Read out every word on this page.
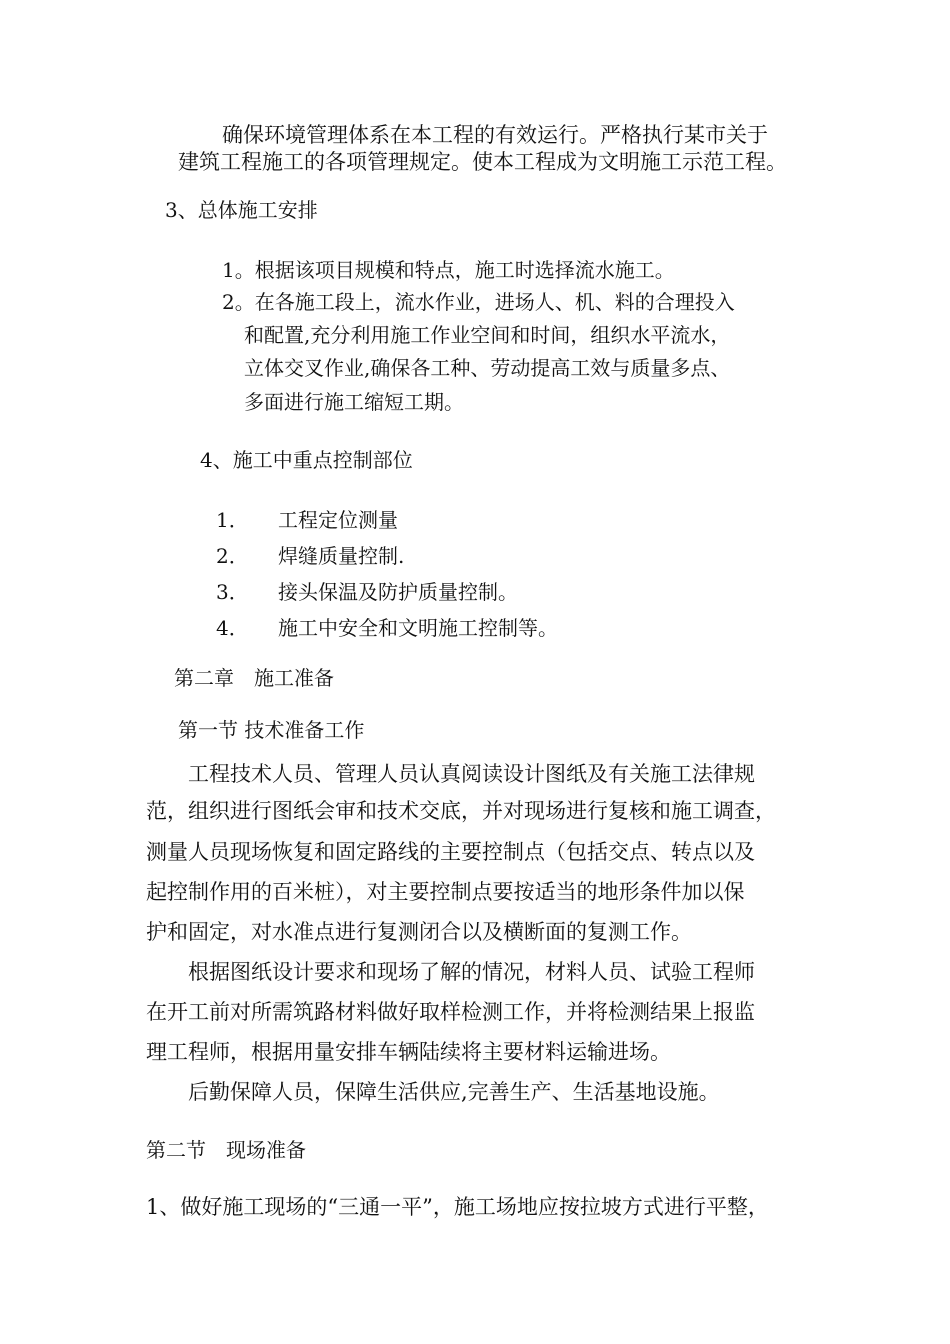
确保环境管理体系在本工程的有效运行。严格执行某市关于
建筑工程施工的各项管理规定。使本工程成为文明施工示范工程。
3、总体施工安排
1。根据该项目规模和特点，施工时选择流水施工。
2。在各施工段上，流水作业，进场人、机、料的合理投入
和配置,充分利用施工作业空间和时间，组织水平流水，
立体交叉作业,确保各工种、劳动提高工效与质量多点、
多面进行施工缩短工期。
4、施工中重点控制部位
1． 工程定位测量
2． 焊缝质量控制.
3． 接头保温及防护质量控制。
4． 施工中安全和文明施工控制等。
第二章　施工准备
第一节 技术准备工作
工程技术人员、管理人员认真阅读设计图纸及有关施工法律规
范，组织进行图纸会审和技术交底，并对现场进行复核和施工调查，
测量人员现场恢复和固定路线的主要控制点（包括交点、转点以及
起控制作用的百米桩），对主要控制点要按适当的地形条件加以保
护和固定，对水准点进行复测闭合以及横断面的复测工作。
根据图纸设计要求和现场了解的情况，材料人员、试验工程师
在开工前对所需筑路材料做好取样检测工作，并将检测结果上报监
理工程师，根据用量安排车辆陆续将主要材料运输进场。
后勤保障人员，保障生活供应,完善生产、生活基地设施。
第二节　现场准备
1、做好施工现场的“三通一平”，施工场地应按拉坡方式进行平整，
